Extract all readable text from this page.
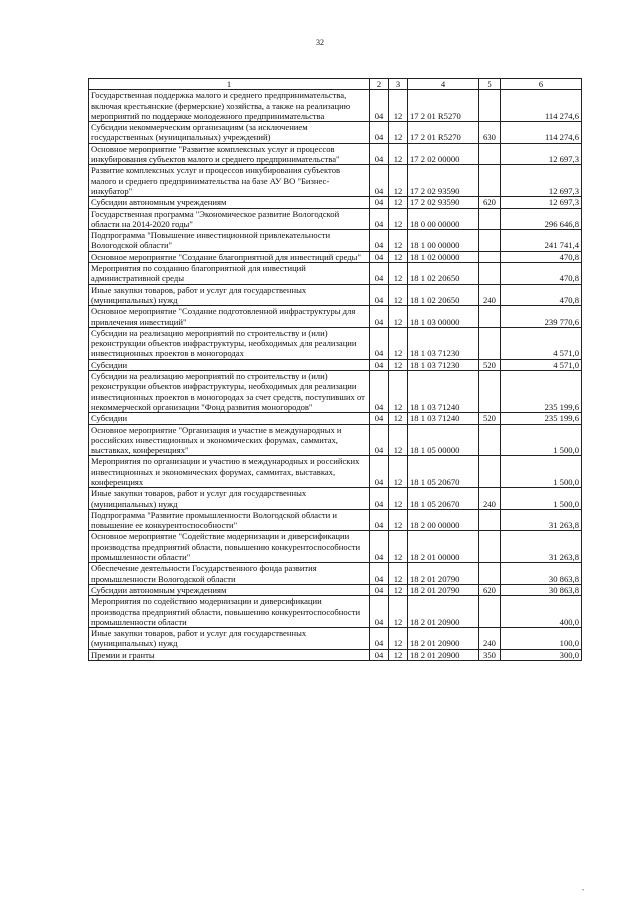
32
1	2	3	4	5	6
Государственная поддержка малого и среднего предпринимательства, включая крестьянские (фермерские) хозяйства, а также на реализацию мероприятий по поддержке молодежного предпринимательства	04	12	17 2 01 R5270		114 274,6
Субсидии некоммерческим организациям (за исключением государственных (муниципальных) учреждений)	04	12	17 2 01 R5270	630	114 274,6
Основное мероприятие "Развитие комплексных услуг и процессов инкубирования субъектов малого и среднего предпринимательства"	04	12	17 2 02 00000		12 697,3
Развитие комплексных услуг и процессов инкубирования субъектов малого и среднего предпринимательства на базе АУ ВО "Бизнес-инкубатор"	04	12	17 2 02 93590		12 697,3
Субсидии автономным учреждениям	04	12	17 2 02 93590	620	12 697,3
Государственная программа "Экономическое развитие Вологодской области на 2014-2020 годы"	04	12	18 0 00 00000		296 646,8
Подпрограмма "Повышение инвестиционной привлекательности Вологодской области"	04	12	18 1 00 00000		241 741,4
Основное мероприятие "Создание благоприятной для инвестиций среды"	04	12	18 1 02 00000		470,8
Мероприятия по созданию благоприятной для инвестиций административной среды	04	12	18 1 02 20650		470,8
Иные закупки товаров, работ и услуг для государственных (муниципальных) нужд	04	12	18 1 02 20650	240	470,8
Основное мероприятие "Создание подготовленной инфраструктуры для привлечения инвестиций"	04	12	18 1 03 00000		239 770,6
Субсидии на реализацию мероприятий по строительству и (или) реконструкции объектов инфраструктуры, необходимых для реализации инвестиционных проектов в моногородах	04	12	18 1 03 71230		4 571,0
Субсидии	04	12	18 1 03 71230	520	4 571,0
Субсидии на реализацию мероприятий по строительству и (или) реконструкции объектов инфраструктуры, необходимых для реализации инвестиционных проектов в моногородах за счет средств, поступивших от некоммерческой организации "Фонд развития моногородов"	04	12	18 1 03 71240		235 199,6
Субсидии	04	12	18 1 03 71240	520	235 199,6
Основное мероприятие "Организация и участие в международных и российских инвестиционных и экономических форумах, саммитах, выставках, конференциях"	04	12	18 1 05 00000		1 500,0
Мероприятия по организации и участию в международных и российских инвестиционных и экономических форумах, саммитах, выставках, конференциях	04	12	18 1 05 20670		1 500,0
Иные закупки товаров, работ и услуг для государственных (муниципальных) нужд	04	12	18 1 05 20670	240	1 500,0
Подпрограмма "Развитие промышленности Вологодской области и повышение ее конкурентоспособности"	04	12	18 2 00 00000		31 263,8
Основное мероприятие "Содействие модернизации и диверсификации производства предприятий области, повышению конкурентоспособности промышленности области"	04	12	18 2 01 00000		31 263,8
Обеспечение деятельности Государственного фонда развития промышленности Вологодской области	04	12	18 2 01 20790		30 863,8
Субсидии автономным учреждениям	04	12	18 2 01 20790	620	30 863,8
Мероприятия по содействию модернизации и диверсификации производства предприятий области, повышению конкурентоспособности промышленности области	04	12	18 2 01 20900		400,0
Иные закупки товаров, работ и услуг для государственных (муниципальных) нужд	04	12	18 2 01 20900	240	100,0
Премии и гранты	04	12	18 2 01 20900	350	300,0
•
